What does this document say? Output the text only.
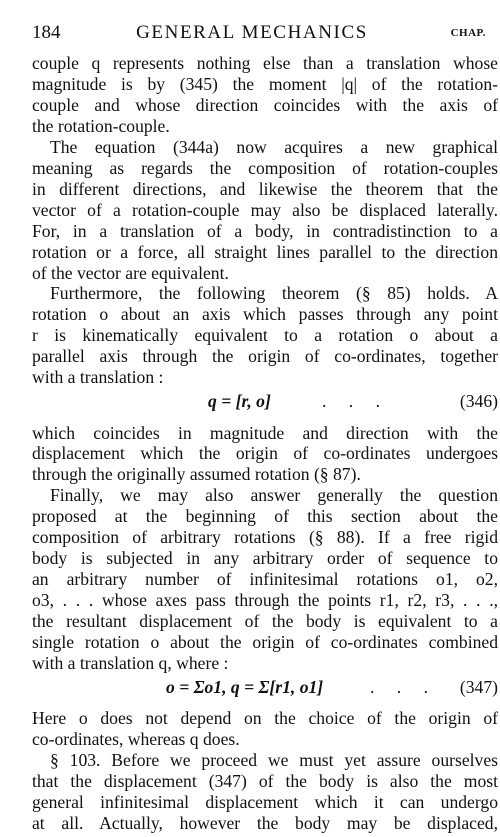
184	GENERAL MECHANICS	CHAP.
couple q represents nothing else than a translation whose
magnitude is by (345) the moment |q| of the rotation-
couple and whose direction coincides with the axis of
the rotation-couple.
The equation (344a) now acquires a new graphical
meaning as regards the composition of rotation-couples
in different directions, and likewise the theorem that the
vector of a rotation-couple may also be displaced laterally.
For, in a translation of a body, in contradistinction to a
rotation or a force, all straight lines parallel to the direction
of the vector are equivalent.
Furthermore, the following theorem (§ 85) holds. A
rotation o about an axis which passes through any point
r is kinematically equivalent to a rotation o about a
parallel axis through the origin of co-ordinates, together
with a translation :
q = [r, o]	. . .	(346)
which coincides in magnitude and direction with the
displacement which the origin of co-ordinates undergoes
through the originally assumed rotation (§ 87).
Finally, we may also answer generally the question
proposed at the beginning of this section about the
composition of arbitrary rotations (§ 88). If a free rigid
body is subjected in any arbitrary order of sequence to
an arbitrary number of infinitesimal rotations o1, o2,
o3, . . . whose axes pass through the points r1, r2, r3, . . .,
the resultant displacement of the body is equivalent to a
single rotation o about the origin of co-ordinates combined
with a translation q, where :
o = Σo1, q = Σ[r1, o1]	. . . (347)
Here o does not depend on the choice of the origin of
co-ordinates, whereas q does.
§ 103. Before we proceed we must yet assure ourselves
that the displacement (347) of the body is also the most
general infinitesimal displacement which it can undergo
at all. Actually, however the body may be displaced,
